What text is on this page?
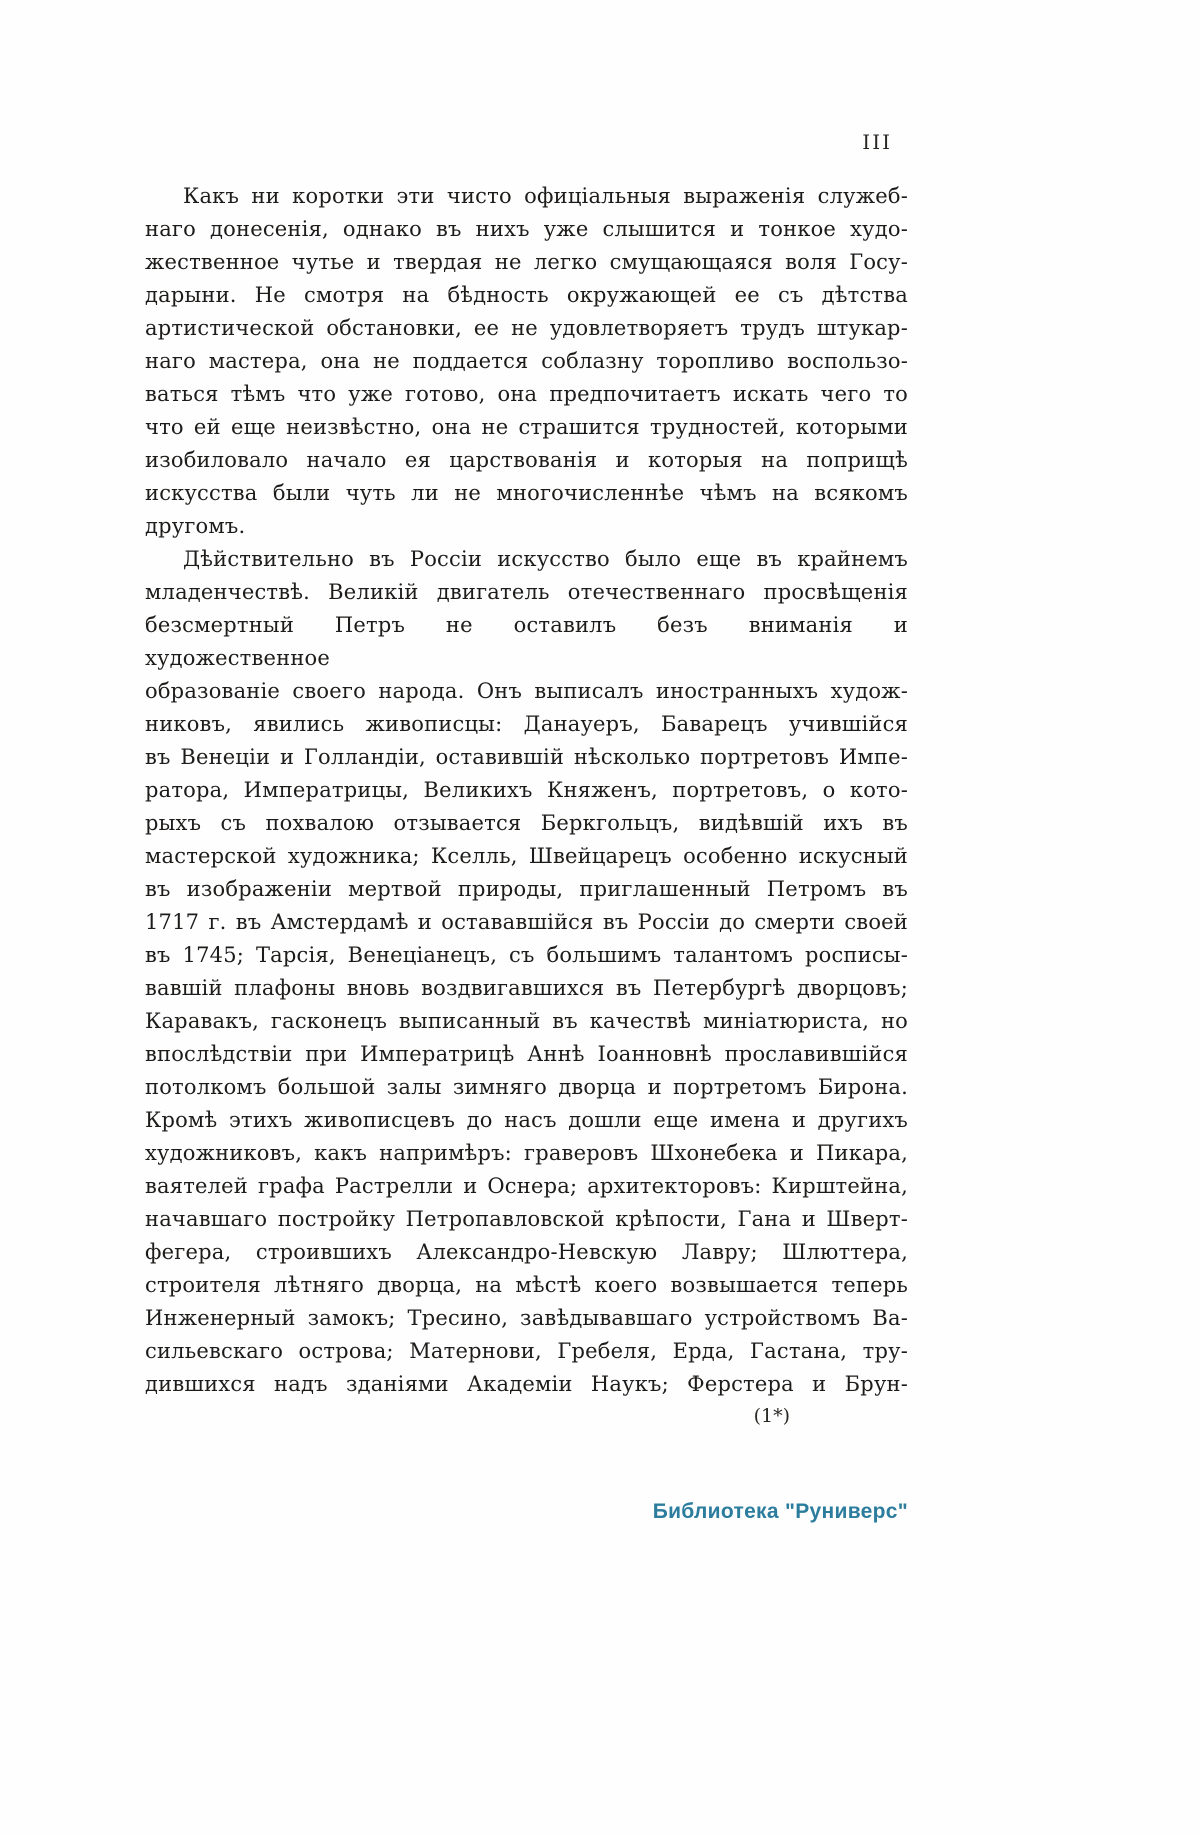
III
Какъ ни коротки эти чисто офиціальныя выраженія служеб-
наго донесенія, однако въ нихъ уже слышится и тонкое худо-
жественное чутье и твердая не легко смущающаяся воля Госу-
дарыни. Не смотря на бѣдность окружающей ее съ дѣтства
артистической обстановки, ее не удовлетворяетъ трудъ штукар-
наго мастера, она не поддается соблазну торопливо воспользо-
ваться тѣмъ что уже готово, она предпочитаетъ искать чего то
что ей еще неизвѣстно, она не страшится трудностей, которыми
изобиловало начало ея царствованія и которыя на поприщѣ
искусства были чуть ли не многочисленнѣе чѣмъ на всякомъ
другомъ.
Дѣйствительно въ Россіи искусство было еще въ крайнемъ
младенчествѣ. Великій двигатель отечественнаго просвѣщенія
безсмертный Петръ не оставилъ безъ вниманія и художественное
образованіе своего народа. Онъ выписалъ иностранныхъ худож-
никовъ, явились живописцы: Данауеръ, Баварецъ учившійся
въ Венеціи и Голландіи, оставившій нѣсколько портретовъ Импе-
ратора, Императрицы, Великихъ Княженъ, портретовъ, о кото-
рыхъ съ похвалою отзывается Беркгольцъ, видѣвшій ихъ въ
мастерской художника; Кселль, Швейцарецъ особенно искусный
въ изображеніи мертвой природы, приглашенный Петромъ въ
1717 г. въ Амстердамѣ и остававшійся въ Россіи до смерти своей
въ 1745; Тарсія, Венеціанецъ, съ большимъ талантомъ росписы-
вавшій плафоны вновь воздвигавшихся въ Петербургѣ дворцовъ;
Каравакъ, гасконецъ выписанный въ качествѣ миніатюриста, но
впослѣдствіи при Императрицѣ Аннѣ Іоанновнѣ прославившійся
потолкомъ большой залы зимняго дворца и портретомъ Бирона.
Кромѣ этихъ живописцевъ до насъ дошли еще имена и другихъ
художниковъ, какъ напримѣръ: граверовъ Шхонебека и Пикара,
ваятелей графа Растрелли и Оснера; архитекторовъ: Кирштейна,
начавшаго постройку Петропавловской крѣпости, Гана и Шверт-
фегера, строившихъ Александро-Невскую Лавру; Шлюттера,
строителя лѣтняго дворца, на мѣстѣ коего возвышается теперь
Инженерный замокъ; Тресино, завѣдывавшаго устройствомъ Ва-
сильевскаго острова; Матернови, Гребеля, Ерда, Гастана, тру-
дившихся надъ зданіями Академіи Наукъ; Ферстера и Брун-
(1*)
Библиотека "Руниверс"
